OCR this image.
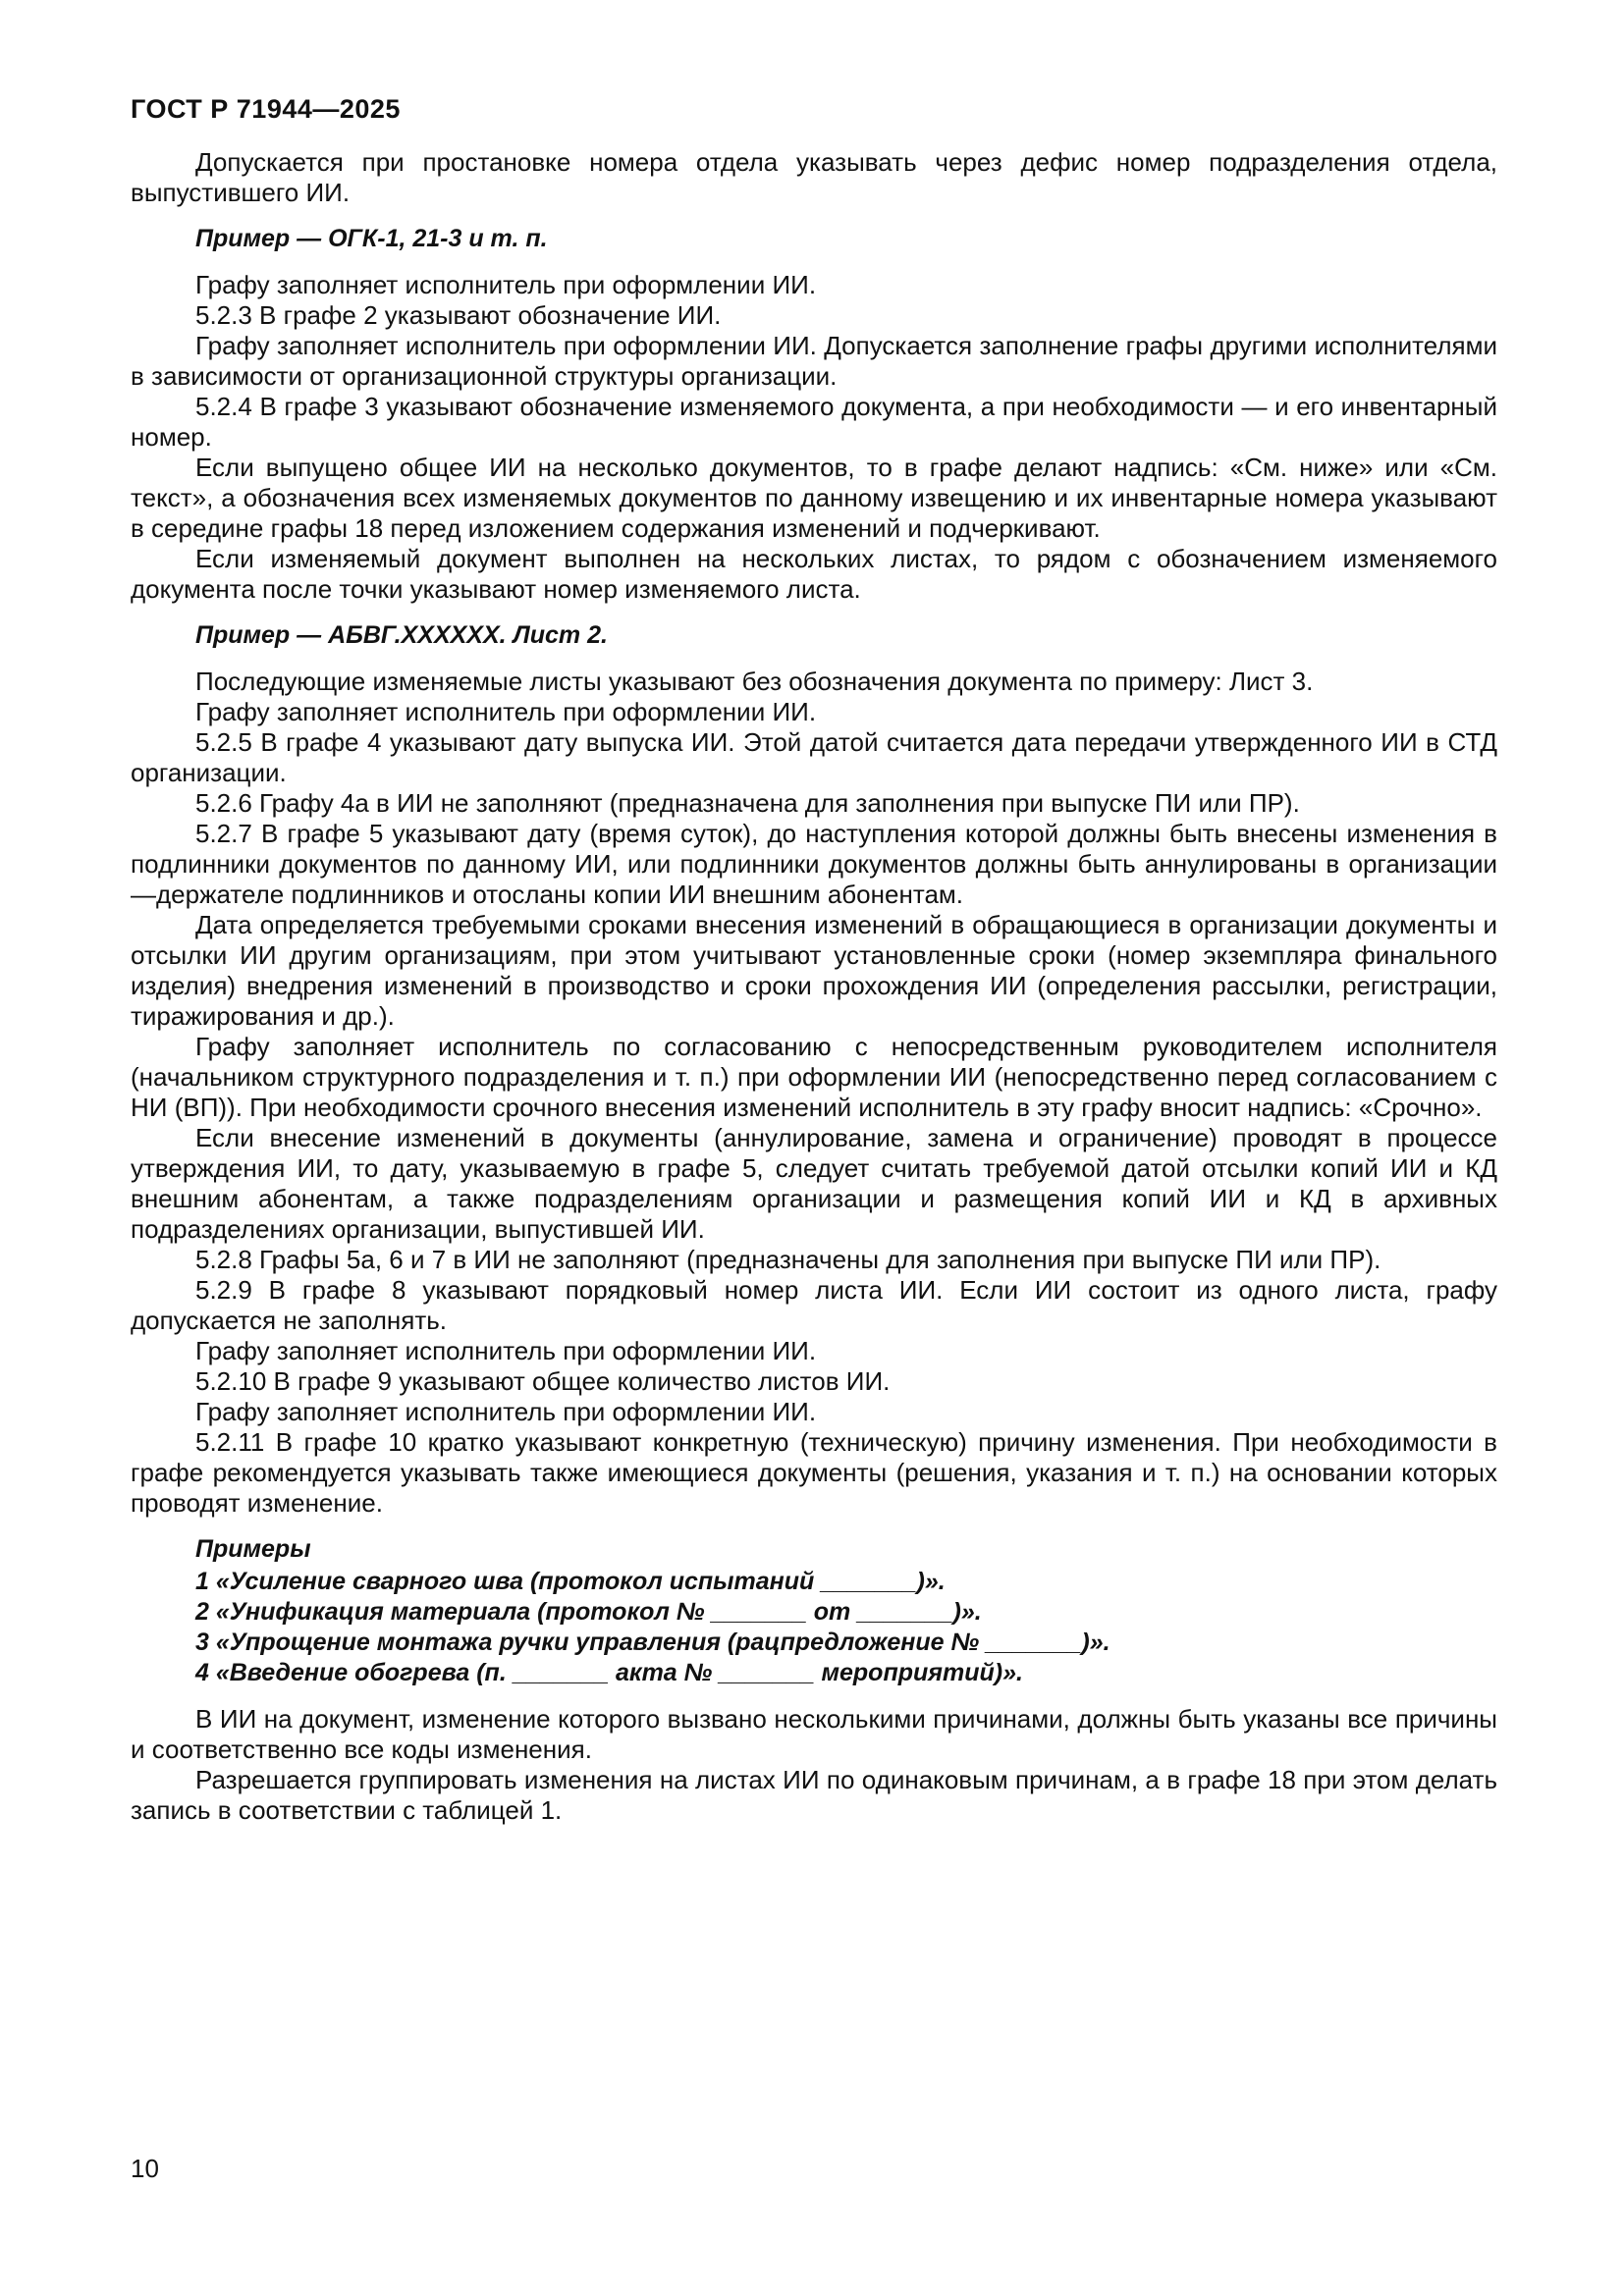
ГОСТ Р 71944—2025

Допускается при простановке номера отдела указывать через дефис номер подразделения отдела, выпустившего ИИ.

Пример — ОГК-1, 21-3 и т. п.

Графу заполняет исполнитель при оформлении ИИ.

5.2.3 В графе 2 указывают обозначение ИИ.

Графу заполняет исполнитель при оформлении ИИ. Допускается заполнение графы другими исполнителями в зависимости от организационной структуры организации.

5.2.4 В графе 3 указывают обозначение изменяемого документа, а при необходимости — и его инвентарный номер.

Если выпущено общее ИИ на несколько документов, то в графе делают надпись: «См. ниже» или «См. текст», а обозначения всех изменяемых документов по данному извещению и их инвентарные номера указывают в середине графы 18 перед изложением содержания изменений и подчеркивают.

Если изменяемый документ выполнен на нескольких листах, то рядом с обозначением изменяемого документа после точки указывают номер изменяемого листа.

Пример — АБВГ.XXXXXX. Лист 2.

Последующие изменяемые листы указывают без обозначения документа по примеру: Лист 3.

Графу заполняет исполнитель при оформлении ИИ.

5.2.5 В графе 4 указывают дату выпуска ИИ. Этой датой считается дата передачи утвержденного ИИ в СТД организации.

5.2.6 Графу 4а в ИИ не заполняют (предназначена для заполнения при выпуске ПИ или ПР).

5.2.7 В графе 5 указывают дату (время суток), до наступления которой должны быть внесены изменения в подлинники документов по данному ИИ, или подлинники документов должны быть аннулированы в организации—держателе подлинников и отосланы копии ИИ внешним абонентам.

Дата определяется требуемыми сроками внесения изменений в обращающиеся в организации документы и отсылки ИИ другим организациям, при этом учитывают установленные сроки (номер экземпляра финального изделия) внедрения изменений в производство и сроки прохождения ИИ (определения рассылки, регистрации, тиражирования и др.).

Графу заполняет исполнитель по согласованию с непосредственным руководителем исполнителя (начальником структурного подразделения и т. п.) при оформлении ИИ (непосредственно перед согласованием с НИ (ВП)). При необходимости срочного внесения изменений исполнитель в эту графу вносит надпись: «Срочно».

Если внесение изменений в документы (аннулирование, замена и ограничение) проводят в процессе утверждения ИИ, то дату, указываемую в графе 5, следует считать требуемой датой отсылки копий ИИ и КД внешним абонентам, а также подразделениям организации и размещения копий ИИ и КД в архивных подразделениях организации, выпустившей ИИ.

5.2.8 Графы 5а, 6 и 7 в ИИ не заполняют (предназначены для заполнения при выпуске ПИ или ПР).

5.2.9 В графе 8 указывают порядковый номер листа ИИ. Если ИИ состоит из одного листа, графу допускается не заполнять.

Графу заполняет исполнитель при оформлении ИИ.

5.2.10 В графе 9 указывают общее количество листов ИИ.

Графу заполняет исполнитель при оформлении ИИ.

5.2.11 В графе 10 кратко указывают конкретную (техническую) причину изменения. При необходимости в графе рекомендуется указывать также имеющиеся документы (решения, указания и т. п.) на основании которых проводят изменение.

Примеры

1 «Усиление сварного шва (протокол испытаний _______)».

2 «Унификация материала (протокол № _______ от _______)».

3 «Упрощение монтажа ручки управления (рацпредложение № _______)».

4 «Введение обогрева (п. _______ акта № _______ мероприятий)».

В ИИ на документ, изменение которого вызвано несколькими причинами, должны быть указаны все причины и соответственно все коды изменения.

Разрешается группировать изменения на листах ИИ по одинаковым причинам, а в графе 18 при этом делать запись в соответствии с таблицей 1.

10
